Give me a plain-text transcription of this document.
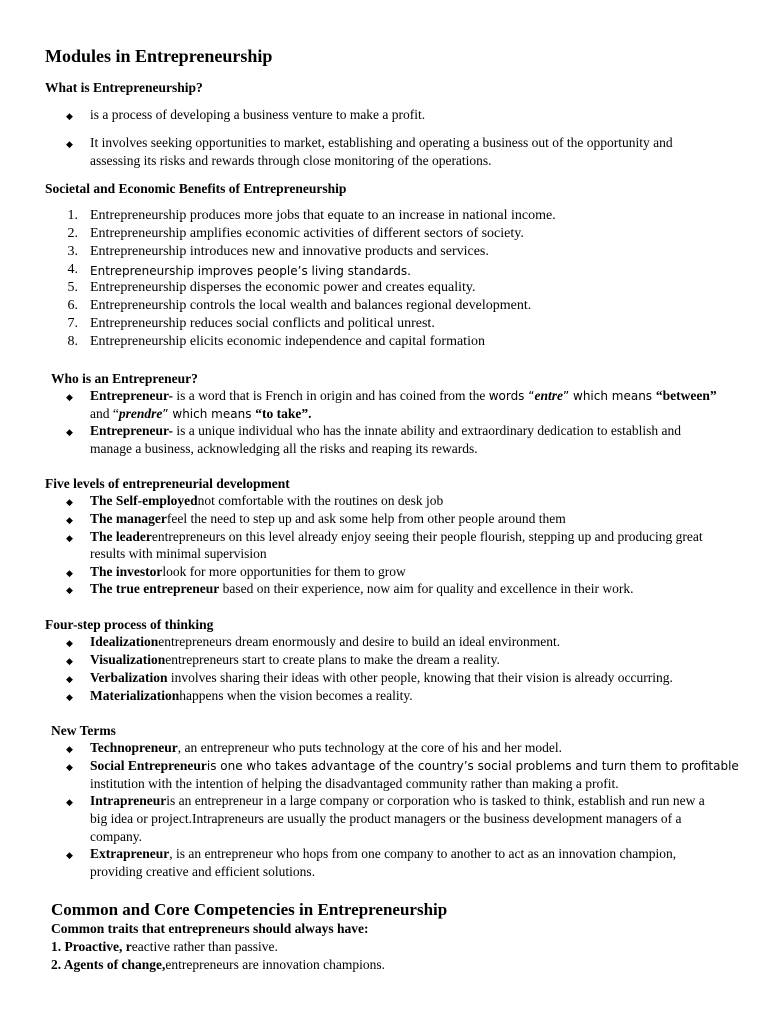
Modules in Entrepreneurship
What is Entrepreneurship?
◆ is a process of developing a business venture to make a profit.
◆ It involves seeking opportunities to market, establishing and operating a business out of the opportunity and
assessing its risks and rewards through close monitoring of the operations.
Societal and Economic Benefits of Entrepreneurship
1. Entrepreneurship produces more jobs that equate to an increase in national income.
2. Entrepreneurship amplifies economic activities of different sectors of society.
3. Entrepreneurship introduces new and innovative products and services.
4. Entrepreneurship improves people’s living standards.
5. Entrepreneurship disperses the economic power and creates equality.
6. Entrepreneurship controls the local wealth and balances regional development.
7. Entrepreneurship reduces social conflicts and political unrest.
8. Entrepreneurship elicits economic independence and capital formation
Who is an Entrepreneur?
◆ Entrepreneur- is a word that is French in origin and has coined from the words “entre” which means “between”
and “prendre” which means “to take”.
◆ Entrepreneur- is a unique individual who has the innate ability and extraordinary dedication to establish and
manage a business, acknowledging all the risks and reaping its rewards.
Five levels of entrepreneurial development
◆ The Self-employednot comfortable with the routines on desk job
◆ The managerfeel the need to step up and ask some help from other people around them
◆ The leaderentrepreneurs on this level already enjoy seeing their people flourish, stepping up and producing great
results with minimal supervision
◆ The investorlook for more opportunities for them to grow
◆ The true entrepreneur based on their experience, now aim for quality and excellence in their work.
Four-step process of thinking
◆ Idealizationentrepreneurs dream enormously and desire to build an ideal environment.
◆ Visualizationentrepreneurs start to create plans to make the dream a reality.
◆ Verbalization involves sharing their ideas with other people, knowing that their vision is already occurring.
◆ Materializationhappens when the vision becomes a reality.
New Terms
◆ Technopreneur, an entrepreneur who puts technology at the core of his and her model.
◆ Social Entrepreneuris one who takes advantage of the country’s social problems and turn them to profitable
institution with the intention of helping the disadvantaged community rather than making a profit.
◆ Intrapreneuris an entrepreneur in a large company or corporation who is tasked to think, establish and run new a
big idea or project.Intrapreneurs are usually the product managers or the business development managers of a
company.
◆ Extrapreneur, is an entrepreneur who hops from one company to another to act as an innovation champion,
providing creative and efficient solutions.
Common and Core Competencies in Entrepreneurship
Common traits that entrepreneurs should always have:
1. Proactive, reactive rather than passive.
2. Agents of change,entrepreneurs are innovation champions.
